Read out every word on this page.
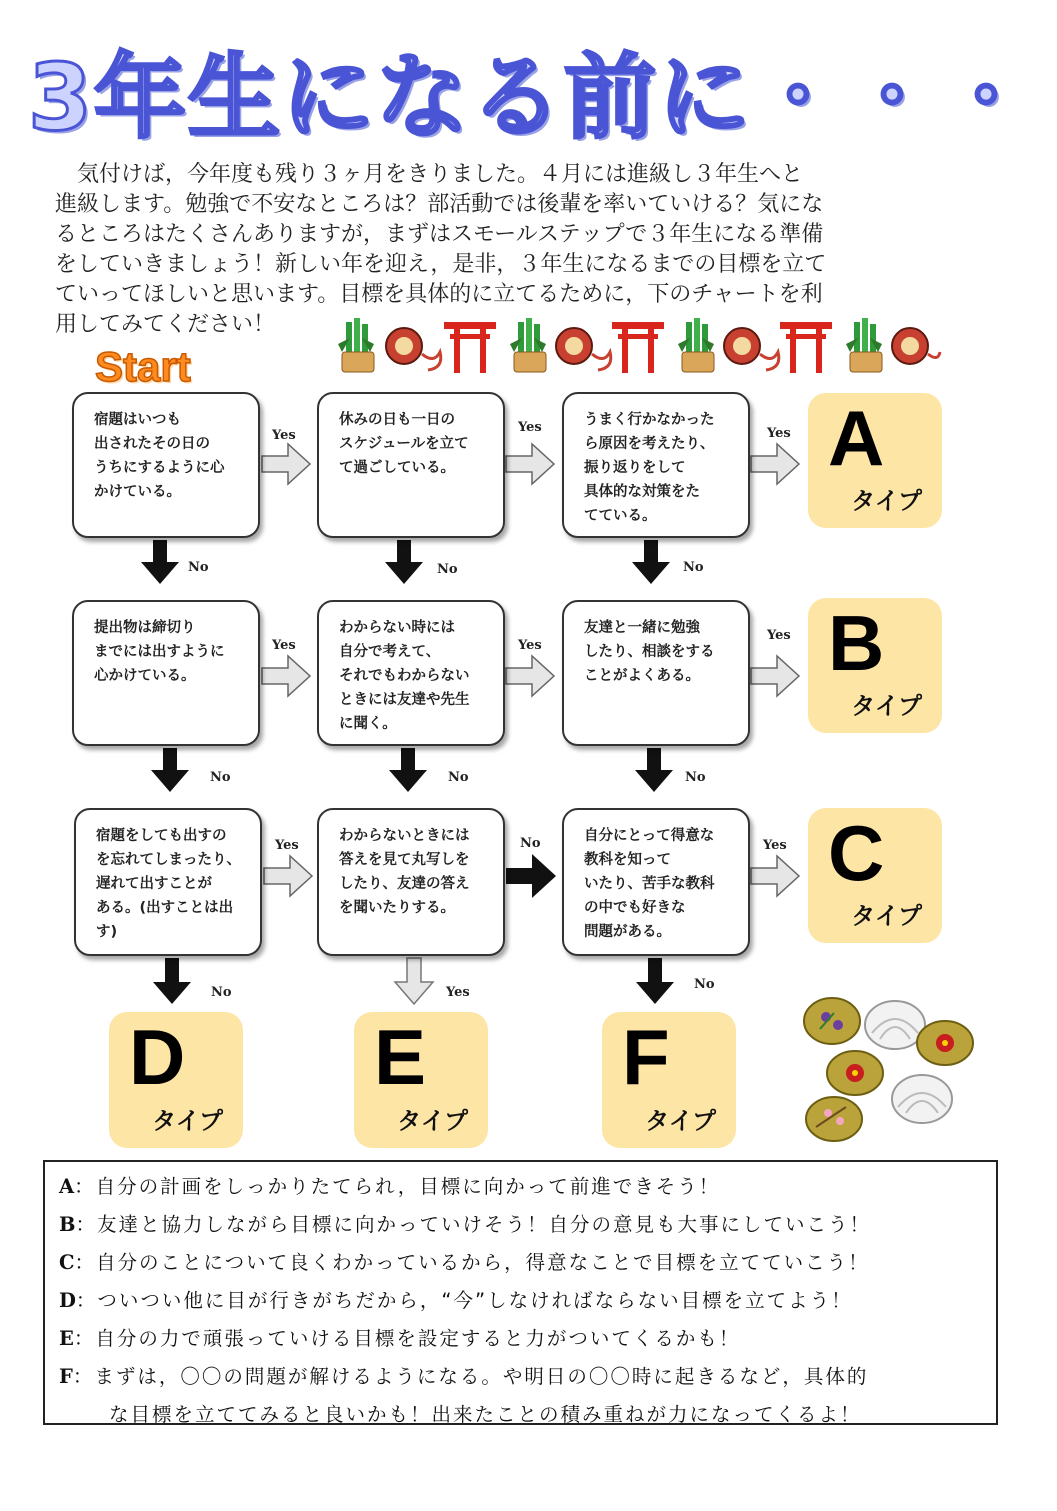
3年生になる前に・・・
　気付けば，今年度も残り３ヶ月をきりました。４月には進級し３年生へと
進級します。勉強で不安なところは？部活動では後輩を率いていける？気にな
るところはたくさんありますが，まずはスモールステップで３年生になる準備
をしていきましょう！新しい年を迎え，是非，３年生になるまでの目標を立て
ていってほしいと思います。目標を具体的に立てるために，下のチャートを利
用してみてください！
Start
Yes
Yes	Yes
Yes	Yes
Yes
Yes	No	Yes
No	No	No
No	No	No
No	Yes
No
宿題はいつも
出されたその日の
うちにするように心
かけている。
休みの日も一日の
スケジュールを立て
て過ごしている。
うまく行かなかった
ら原因を考えたり、
振り返りをして
具体的な対策をた
てている。
提出物は締切り
までには出すように
心かけている。
わからない時には
自分で考えて、
それでもわからない
ときには友達や先生
に聞く。
友達と一緒に勉強
したり、相談をする
ことがよくある。
宿題をしても出すの
を忘れてしまったり、
遅れて出すことが
ある。(出すことは出
す)
わからないときには
答えを見て丸写しを
したり、友達の答え
を聞いたりする。
自分にとって得意な
教科を知って
いたり、苦手な教科
の中でも好きな
問題がある。
A
タイプ
B
タイプ
C
タイプ
D
タイプ
E
タイプ
F
タイプ
A：自分の計画をしっかりたてられ，目標に向かって前進できそう！
B：友達と協力しながら目標に向かっていけそう！自分の意見も大事にしていこう！
C：自分のことについて良くわかっているから，得意なことで目標を立てていこう！
D：ついつい他に目が行きがちだから，“今”しなければならない目標を立てよう！
E：自分の力で頑張っていける目標を設定すると力がついてくるかも！
F：まずは，〇〇の問題が解けるようになる。や明日の〇〇時に起きるなど，具体的
な目標を立ててみると良いかも！出来たことの積み重ねが力になってくるよ！
